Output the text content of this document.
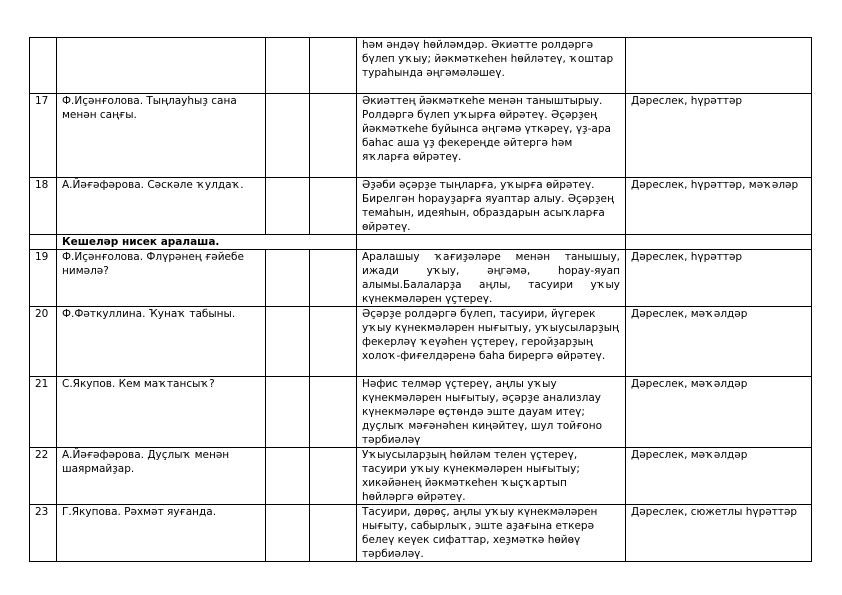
				һәм әндәү һөйләмдәр. Әкиәтте ролдәргә бүлеп уҡыу; йәкмәткеһен һөйләтеү, ҡоштар тураһында әңгәмәләшеү.	
17	Ф.Иҫәнғолова. Тыңлауһыҙ сана менән саңғы.			Әкиәттең йәкмәткеһе менән таныштырыу. Ролдәргә бүлеп уҡырға өйрәтеү. Әҫәрҙең йәкмәткеһе буйынса әңгәмә үткәреү, үҙ-ара баһас аша үҙ фекереңде әйтергә һәм яҡларға өйрәтеү.	Дәреслек, һүрәттәр
18	А.Йәғәфәрова. Сәскәле ҡулдаҡ.			Әҙәби әҫәрҙе тыңларға, уҡырға өйрәтеү. Бирелгән һорауҙарға яуаптар алыу. Әҫәрҙең темаһын, идеяһын, образдарын асыҡларға өйрәтеү.	Дәреслек, һүрәттәр, мәҡәләр
	Кешеләр нисек аралаша.				
19	Ф.Иҫәнғолова. Флүрәнең ғәйебе нимәлә?			Аралашыу ҡағиҙәләре менән танышыу, ижади уҡыу, әңгәмә, һорау-яуап алымы.Балаларҙа аңлы, тасуири уҡыу күнекмәләрен үҫтереү.	Дәреслек, һүрәттәр
20	Ф.Фәткуллина. Ҡунаҡ табыны.			Әҫәрҙе ролдәргә бүлеп, тасуири, йүгерек уҡыу күнекмәләрен нығытыу, уҡыусыларҙың фекерләү ҡеүәһен үҫтереү, геройҙарҙың холоҡ-фиғелдәренә баһа бирергә өйрәтеү.	Дәреслек, мәҡәлдәр
21	С.Якупов. Кем маҡтансыҡ?			Нәфис телмәр үҫтереү, аңлы уҡыу күнекмәләрен нығытыу, әҫәрҙе анализлау күнекмәләре өҫтөндә эште дауам итеү; дуҫлыҡ мәғәнәһен киңәйтеү, шул тойғоно тәрбиәләү	Дәреслек, мәҡәлдәр
22	А.Йәғәфәрова. Дуҫлыҡ менән шаярмайҙар.			Уҡыусыларҙың һөйләм телен үҫтереү, тасуири уҡыу күнекмәләрен нығытыу; хикәйәнең йәкмәткеһен ҡыҫҡартып һөйләргә өйрәтеү.	Дәреслек, мәҡәлдәр
23	Г.Якупова. Рәхмәт яуғанда.			Тасуири, дөрөҫ, аңлы уҡыу күнекмәләрен нығыту, сабырлыҡ, эште аҙағына еткерә белеү кеүек сифаттар, хеҙмәткә һөйөү тәрбиәләү.	Дәреслек, сюжетлы һүрәттәр
